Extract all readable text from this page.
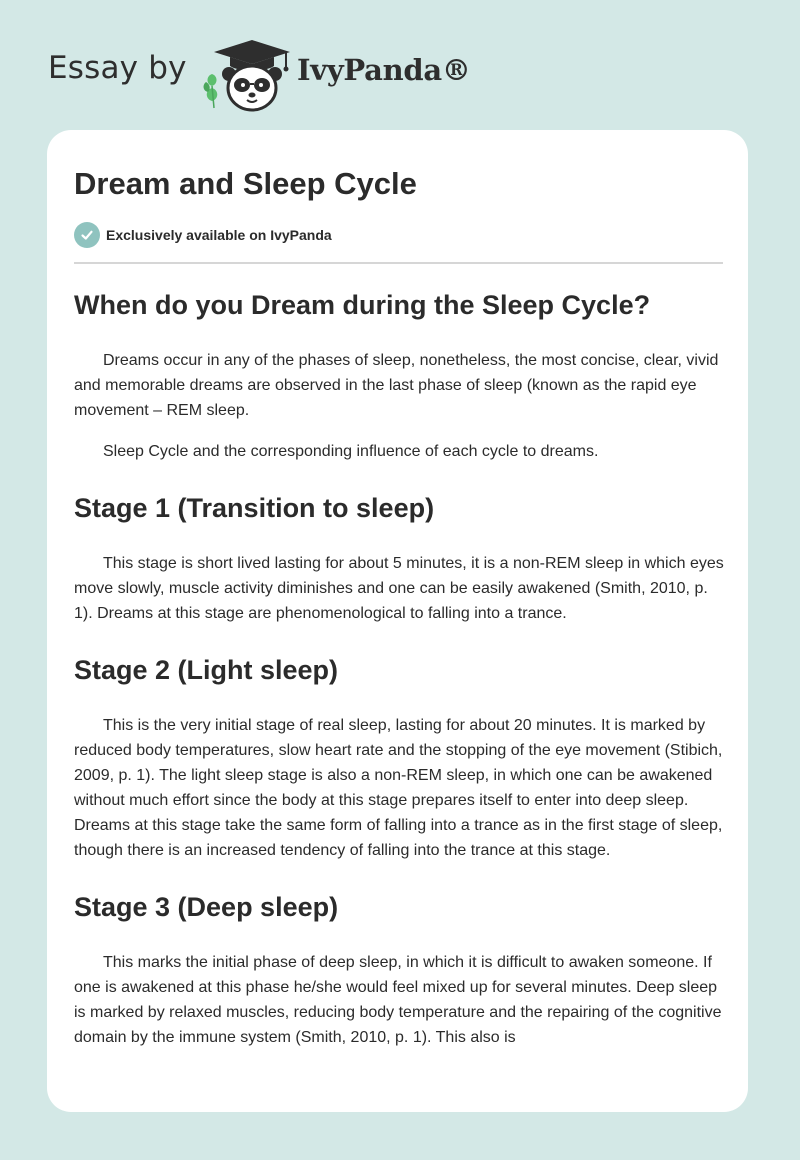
Essay by	IvyPanda®
Dream and Sleep Cycle
Exclusively available on IvyPanda
When do you Dream during the Sleep Cycle?

Dreams occur in any of the phases of sleep, nonetheless, the most concise, clear, vivid and memorable dreams are observed in the last phase of sleep (known as the rapid eye movement – REM sleep.

Sleep Cycle and the corresponding influence of each cycle to dreams.

Stage 1 (Transition to sleep)

This stage is short lived lasting for about 5 minutes, it is a non-REM sleep in which eyes move slowly, muscle activity diminishes and one can be easily awakened (Smith, 2010, p. 1). Dreams at this stage are phenomenological to falling into a trance.

Stage 2 (Light sleep)

This is the very initial stage of real sleep, lasting for about 20 minutes. It is marked by reduced body temperatures, slow heart rate and the stopping of the eye movement (Stibich, 2009, p. 1). The light sleep stage is also a non-REM sleep, in which one can be awakened without much effort since the body at this stage prepares itself to enter into deep sleep. Dreams at this stage take the same form of falling into a trance as in the first stage of sleep, though there is an increased tendency of falling into the trance at this stage.

Stage 3 (Deep sleep)

This marks the initial phase of deep sleep, in which it is difficult to awaken someone. If one is awakened at this phase he/she would feel mixed up for several minutes. Deep sleep is marked by relaxed muscles, reducing body temperature and the repairing of the cognitive domain by the immune system (Smith, 2010, p. 1). This also is
